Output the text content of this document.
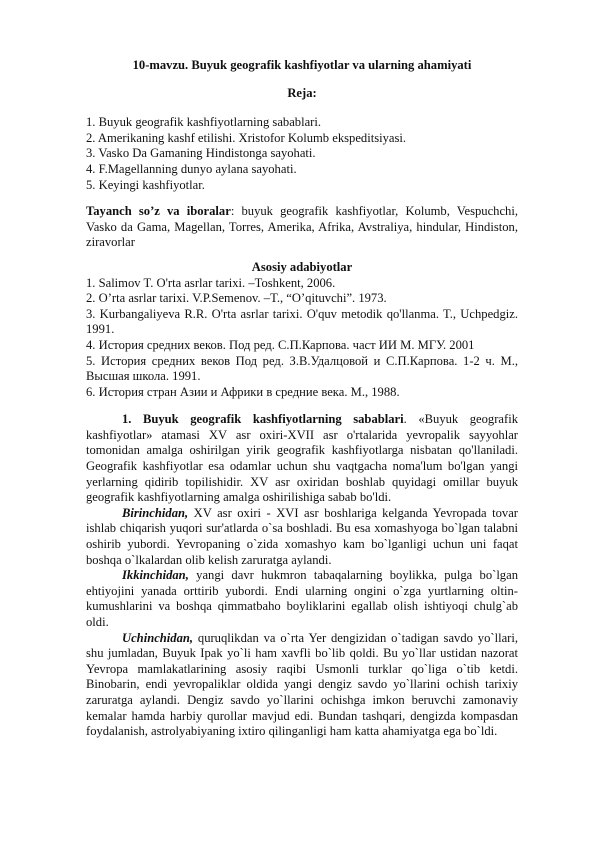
10-mavzu. Buyuk geografik kashfiyotlar va ularning ahamiyati
Reja:
1. Buyuk geografik kashfiyotlarning sabablari.
2. Amerikaning kashf etilishi. Xristofor Kolumb ekspeditsiyasi.
3. Vasko Da Gamaning Hindistonga sayohati.
4. F.Magellanning dunyo aylana sayohati.
5. Keyingi kashfiyotlar.

Tayanch so’z va iboralar: buyuk geografik kashfiyotlar, Kolumb, Vespuchchi, Vasko da Gama, Magellan, Torres, Amerika, Afrika, Avstraliya, hindular, Hindiston, ziravorlar

Asosiy adabiyotlar
1. Salimov T. O'rta asrlar tarixi. –Toshkent, 2006.
2. O’rta asrlar tarixi. V.P.Semenov. –T., “O’qituvchi”. 1973.
3. Kurbangaliyeva R.R. O'rta asrlar tarixi. O'quv metodik qo'llanma. T., Uchpedgiz. 1991.
4. История средних веков. Под ред. С.П.Карпова. част ИИ М. МГУ. 2001
5. История средних веков Под ред. З.В.Удалцовой и С.П.Карпова. 1-2 ч. М., Высшая школа. 1991.
6. История стран Азии и Африки в средние века. М., 1988.

1. Buyuk geografik kashfiyotlarning sabablari. «Buyuk geografik kashfiyotlar» atamasi XV asr oxiri-XVII asr o'rtalarida yevropalik sayyohlar tomonidan amalga oshirilgan yirik geografik kashfiyotlarga nisbatan qo'llaniladi. Geografik kashfiyotlar esa odamlar uchun shu vaqtgacha noma'lum bo'lgan yangi yerlarning qidirib topilishidir. XV asr oxiridan boshlab quyidagi omillar buyuk geografik kashfiyotlarning amalga oshirilishiga sabab bo'ldi.

Birinchidan, XV asr oxiri - XVI asr boshlariga kelganda Yevropada tovar ishlab chiqarish yuqori sur'atlarda o`sa boshladi. Bu esa xomashyoga bo`lgan talabni oshirib yubordi. Yevropaning o`zida xomashyo kam bo`lganligi uchun uni faqat boshqa o`lkalardan olib kelish zaruratga aylandi.

Ikkinchidan, yangi davr hukmron tabaqalarning boylikka, pulga bo`lgan ehtiyojini yanada orttirib yubordi. Endi ularning ongini o`zga yurtlarning oltin-kumushlarini va boshqa qimmatbaho boyliklarini egallab olish ishtiyoqi chulg`ab oldi.

Uchinchidan, quruqlikdan va o`rta Yer dengizidan o`tadigan savdo yo`llari, shu jumladan, Buyuk Ipak yo`li ham xavfli bo`lib qoldi. Bu yo`llar ustidan nazorat Yevropa mamlakatlarining asosiy raqibi Usmonli turklar qo`liga o`tib ketdi. Binobarin, endi yevropaliklar oldida yangi dengiz savdo yo`llarini ochish tarixiy zaruratga aylandi. Dengiz savdo yo`llarini ochishga imkon beruvchi zamonaviy kemalar hamda harbiy qurollar mavjud edi. Bundan tashqari, dengizda kompasdan foydalanish, astrolyabiyaning ixtiro qilinganligi ham katta ahamiyatga ega bo`ldi.
